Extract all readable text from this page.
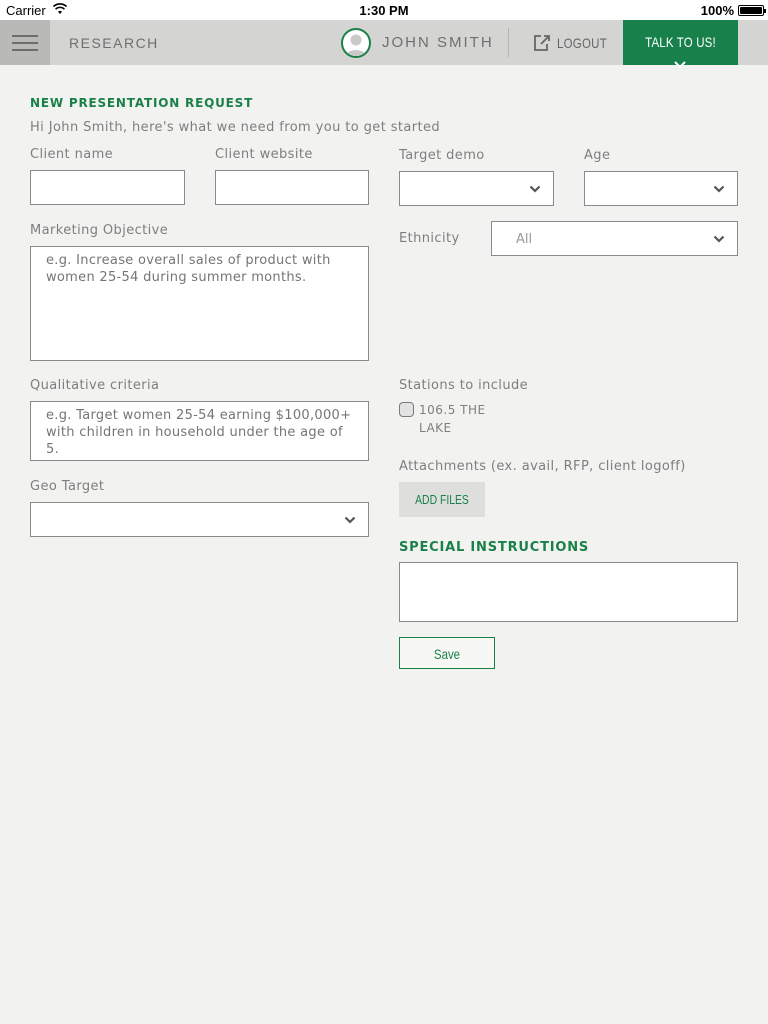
Carrier	1:30 PM	100%
RESEARCH	JOHN SMITH	LOGOUT	TALK TO US!
NEW PRESENTATION REQUEST
Hi John Smith, here's what we need from you to get started
Client name	Client website	Target demo	Age
Marketing Objective
e.g. Increase overall sales of product with women 25-54 during summer months.
Ethnicity	All
Qualitative criteria
e.g. Target women 25-54 earning $100,000+ with children in household under the age of 5.	Stations to include
106.5 THE LAKE
Attachments (ex. avail, RFP, client logoff)
ADD FILES
Geo Target
SPECIAL INSTRUCTIONS
Save
